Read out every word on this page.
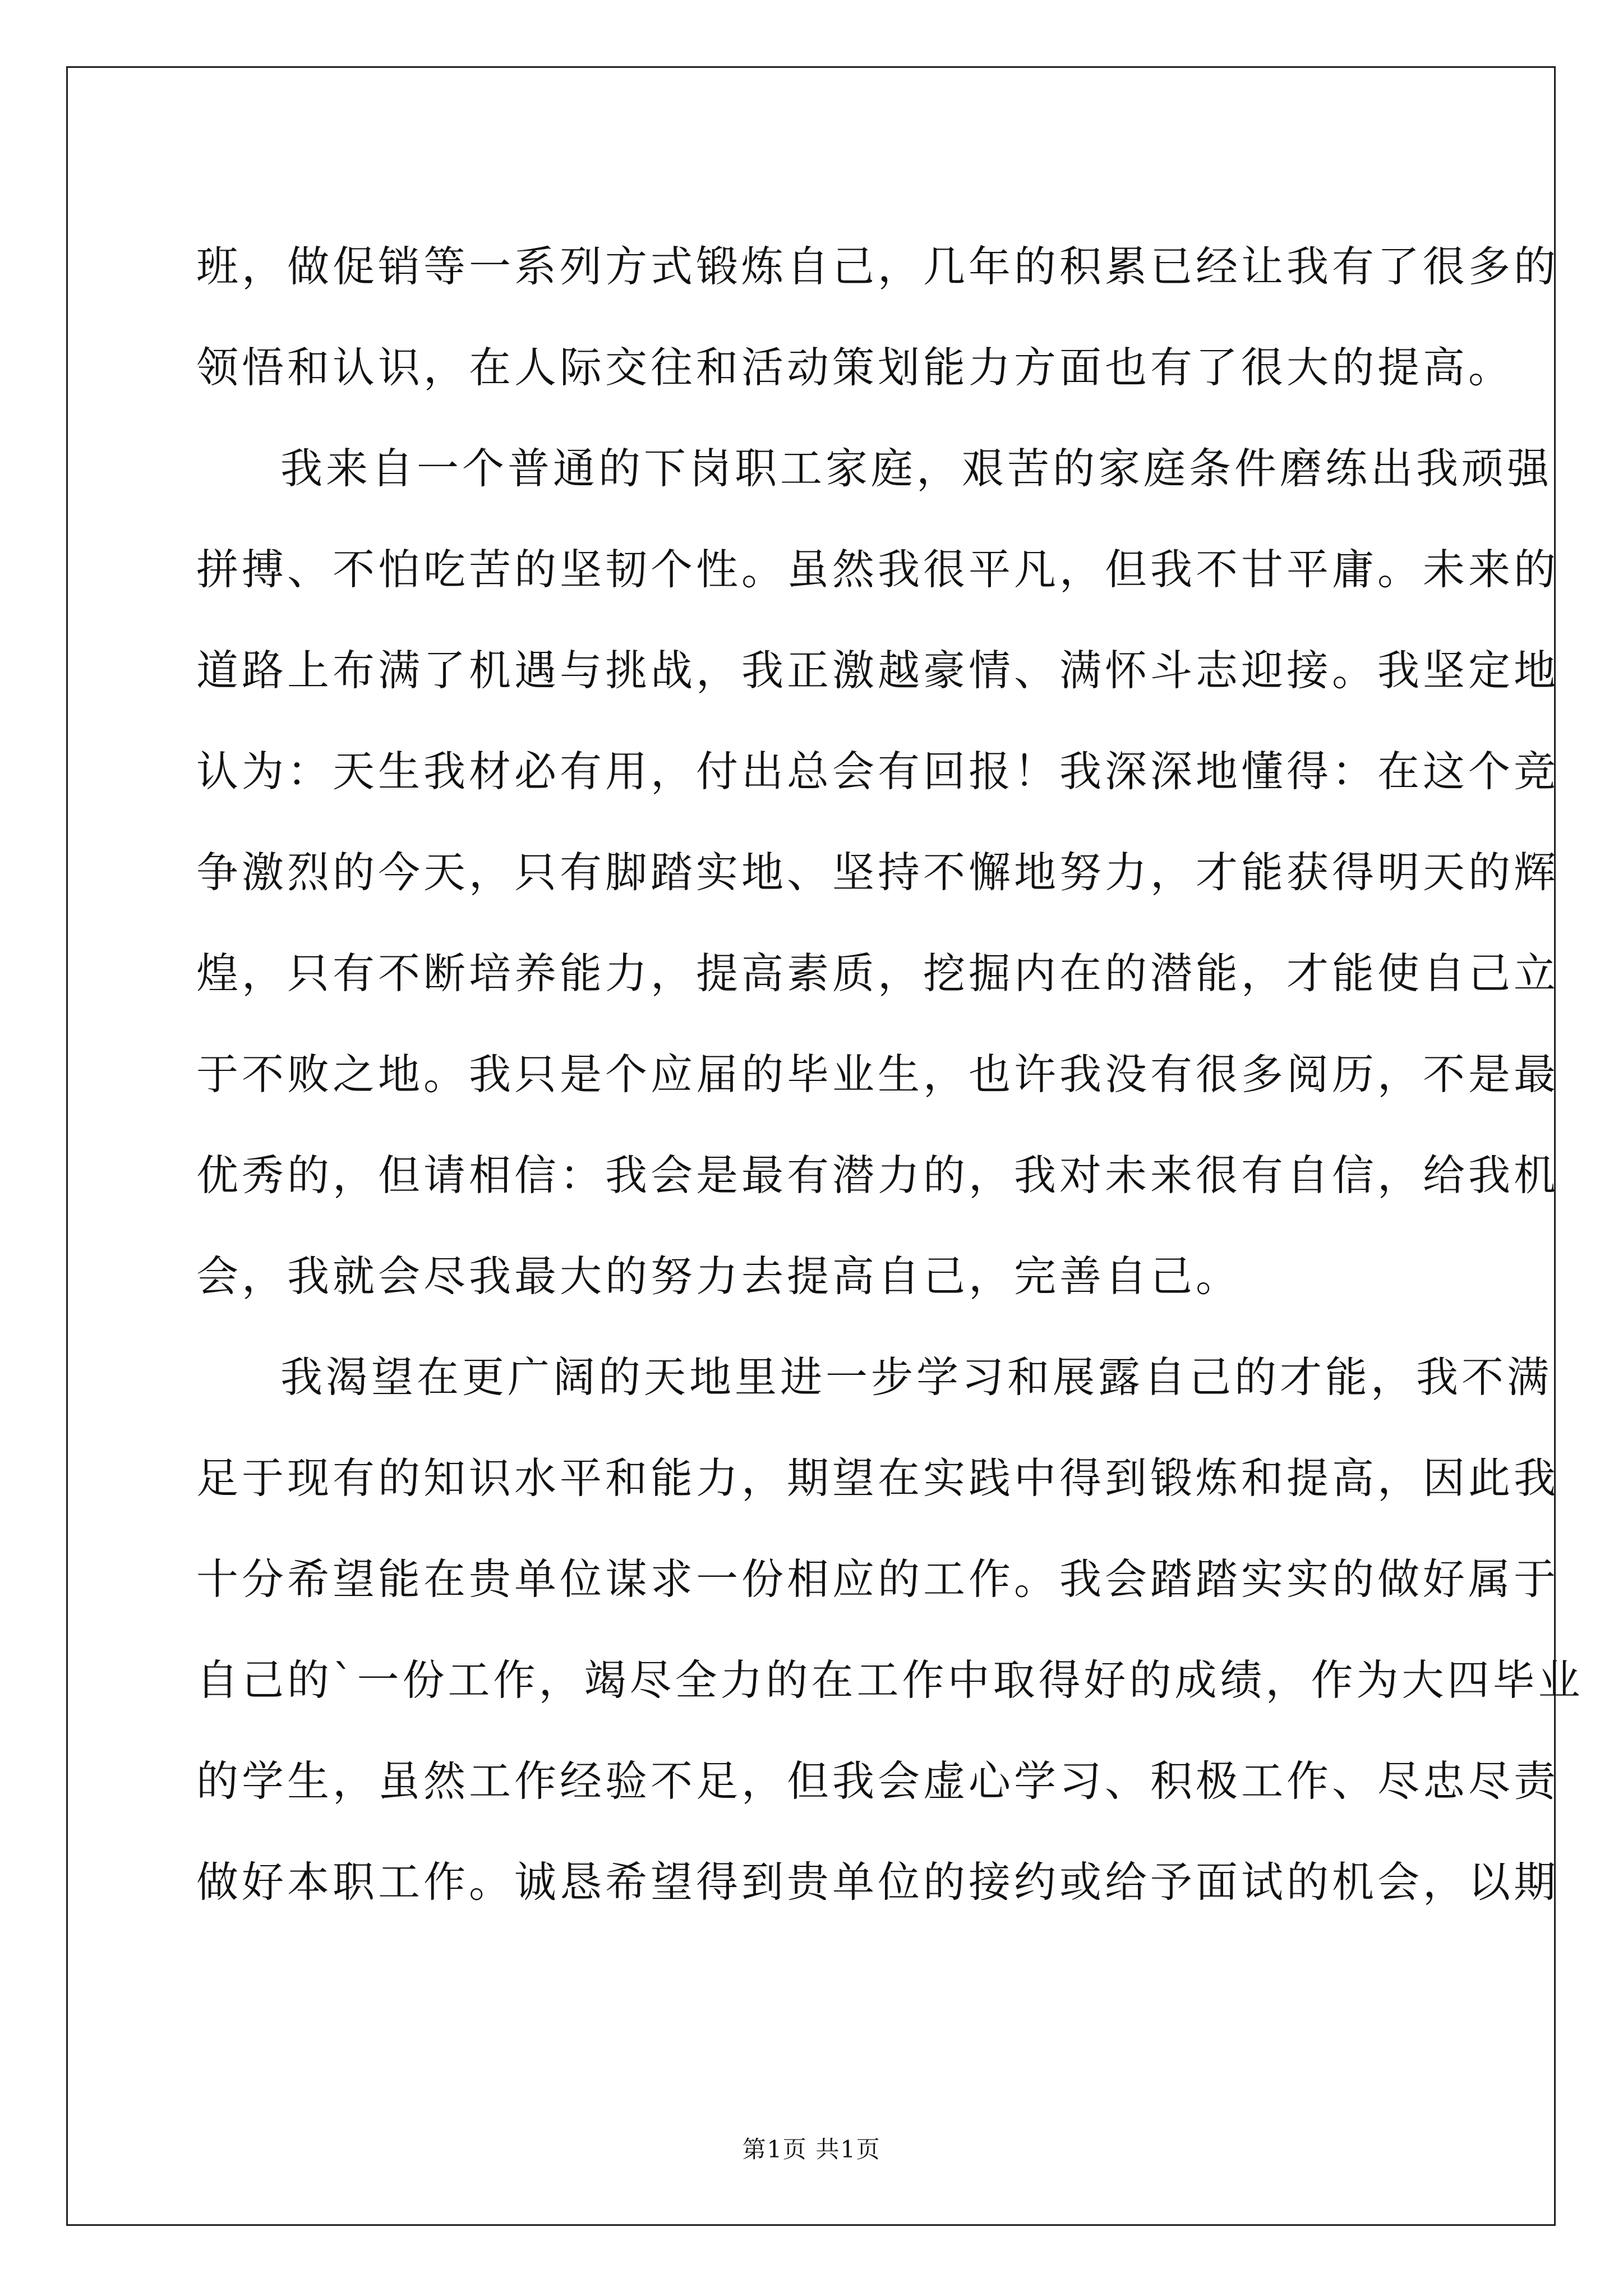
班，做促销等一系列方式锻炼自己，几年的积累已经让我有了很多的
领悟和认识，在人际交往和活动策划能力方面也有了很大的提高。
我来自一个普通的下岗职工家庭，艰苦的家庭条件磨练出我顽强
拼搏、不怕吃苦的坚韧个性。虽然我很平凡，但我不甘平庸。未来的
道路上布满了机遇与挑战，我正激越豪情、满怀斗志迎接。我坚定地
认为：天生我材必有用，付出总会有回报！我深深地懂得：在这个竞
争激烈的今天，只有脚踏实地、坚持不懈地努力，才能获得明天的辉
煌，只有不断培养能力，提高素质，挖掘内在的潜能，才能使自己立
于不败之地。我只是个应届的毕业生，也许我没有很多阅历，不是最
优秀的，但请相信：我会是最有潜力的，我对未来很有自信，给我机
会，我就会尽我最大的努力去提高自己，完善自己。
我渴望在更广阔的天地里进一步学习和展露自己的才能，我不满
足于现有的知识水平和能力，期望在实践中得到锻炼和提高，因此我
十分希望能在贵单位谋求一份相应的工作。我会踏踏实实的做好属于
自己的`一份工作，竭尽全力的在工作中取得好的成绩，作为大四毕业
的学生，虽然工作经验不足，但我会虚心学习、积极工作、尽忠尽责
做好本职工作。诚恳希望得到贵单位的接约或给予面试的机会，以期
第1页 共1页
